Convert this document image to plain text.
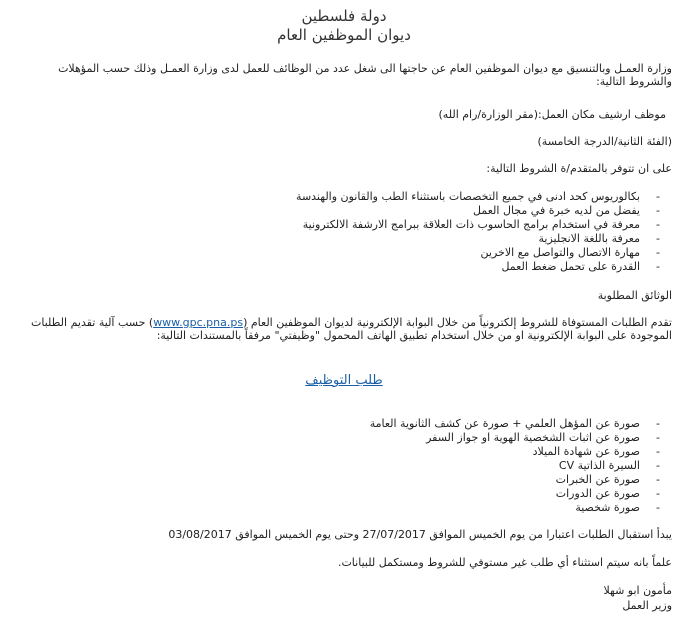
دولة فلسطين
ديوان الموظفين العام
وزارة العمـل وبالتنسيق مع ديوان الموظفين العام عن حاجتها الى شغل عدد من الوظائف للعمل لدى وزارة العمـل وذلك حسب المؤهلات والشروط التالية:
موظف ارشيف مكان العمل:(مقر الوزارة/رام الله)
(الفئة الثانية/الدرجة الخامسة)
على ان تتوفر بالمتقدم/ة الشروط التالية:
-
بكالوريوس كحد ادنى في جميع التخصصات باستثناء الطب والقانون والهندسة
-
يفضل من لديه خبرة في مجال العمل
-
معرفة في استخدام برامج الحاسوب ذات العلاقة ببرامج الارشفة الالكترونية
-
معرفة باللغة الانجليزية
-
مهارة الاتصال والتواصل مع الاخرين
-
القدرة على تحمل ضغط العمل
الوثائق المطلوبة
تقدم الطلبات المستوفاة للشروط إلكترونياً من خلال البوابة الإلكترونية لديوان الموظفين العام (www.gpc.pna.ps) حسب آلية تقديم الطلبات الموجودة على البوابة الإلكترونية او من خلال استخدام تطبيق الهاتف المحمول "وظيفتي" مرفقاً بالمستندات التالية:
طلب التوظيف
-
صورة عن المؤهل العلمي + صورة عن كشف الثانوية العامة
-
صورة عن اثبات الشخصية الهوية او جواز السفر
-
صورة عن شهادة الميلاد
-
السيرة الذاتية CV
-
صورة عن الخبرات
-
صورة عن الدورات
-
صورة شخصية
يبدأ استقبال الطلبات اعتبارا من يوم الخميس الموافق 27/07/2017 وحتى يوم الخميس الموافق 03/08/2017
علماً بانه سيتم استثناء أي طلب غير مستوفي للشروط ومستكمل للبيانات.
مأمون ابو شهلا
وزير العمل
